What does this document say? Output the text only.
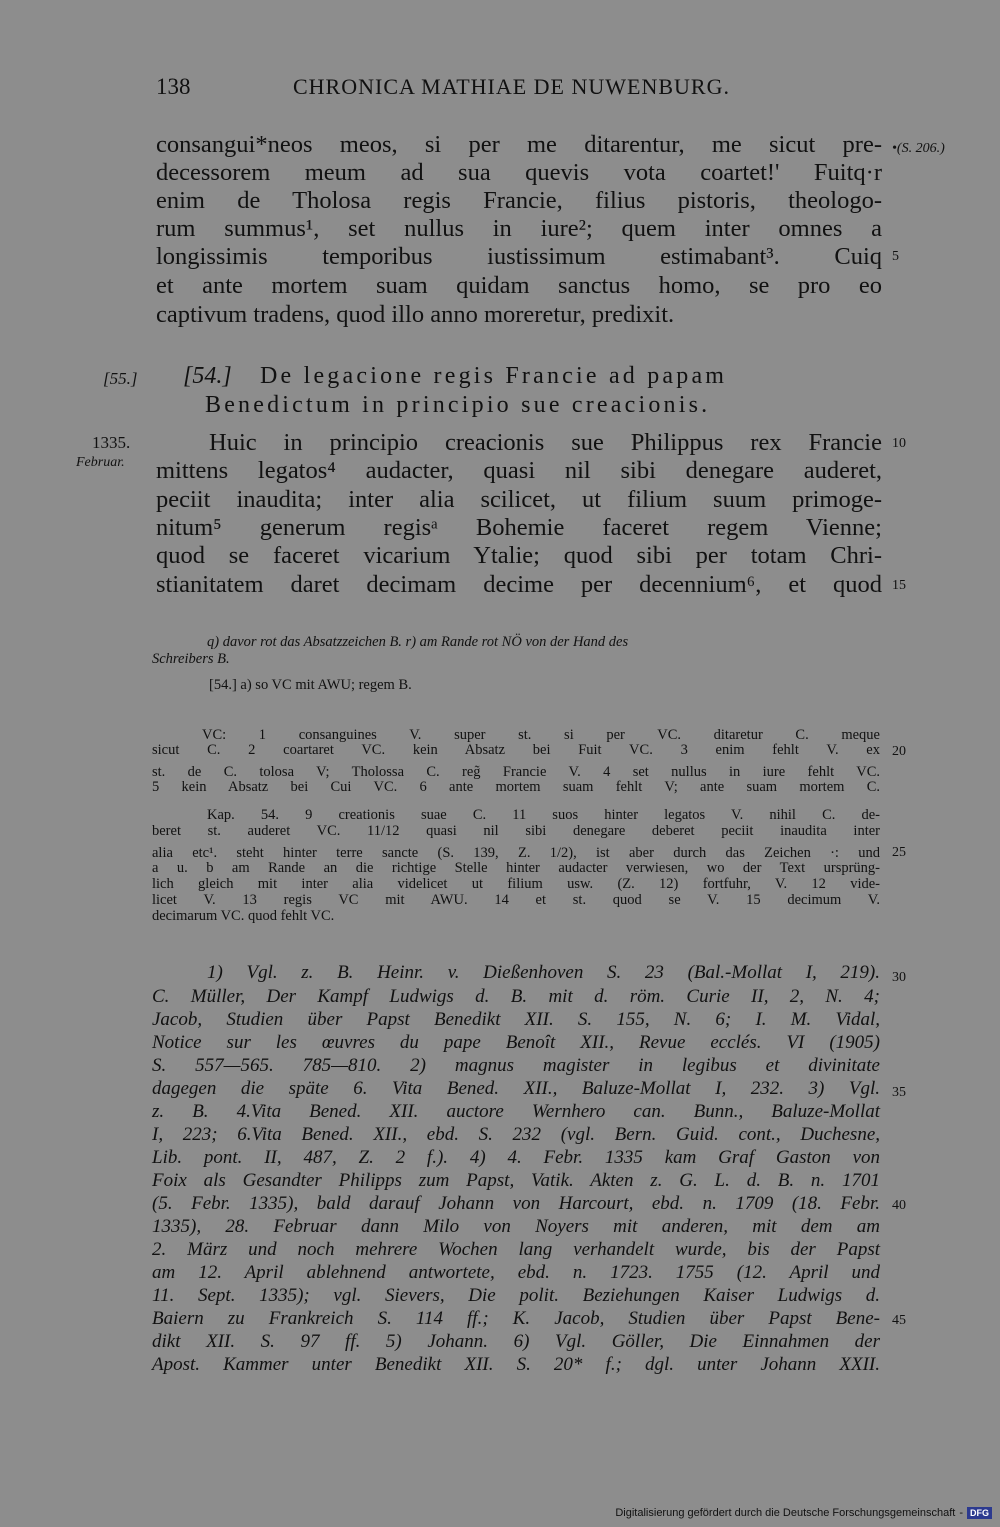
138	CHRONICA MATHIAE DE NUWENBURG.
•(S. 206.)
consangui*neos meos, si per me ditarentur, me sicut pre-
decessorem meum ad sua quevis vota coartet!' Fuitq·r
enim de Tholosa regis Francie, filius pistoris, theologo-
rum summus¹, set nullus in iure²; quem inter omnes a
longissimis temporibus iustissimum estimabant³. Cuiq
et ante mortem suam quidam sanctus homo, se pro eo
captivum tradens, quod illo anno moreretur, predixit.
5
[55.] [54.] De legacione regis Francie ad papam
Benedictum in principio sue creacionis.
1335.
Februar.
Huic in principio creacionis sue Philippus rex Francie
mittens legatos⁴ audacter, quasi nil sibi denegare auderet,
peciit inaudita; inter alia scilicet, ut filium suum primoge-
nitum⁵ generum regisᵃ Bohemie faceret regem Vienne;
quod se faceret vicarium Ytalie; quod sibi per totam Chri-
stianitatem daret decimam decime per decennium⁶, et quod
10
15
q) davor rot das Absatzzeichen B. r) am Rande rot NÖ von der Hand des
Schreibers B.
[54.] a) so VC mit AWU; regem B.
VC: 1 consanguines V. super st. si per VC. ditaretur C. meque
sicut C. 2 coartaret VC. kein Absatz bei Fuit VC. 3 enim fehlt V. ex
st. de C. tolosa V; Tholossa C. reg̃ Francie V. 4 set nullus in iure fehlt VC.
5 kein Absatz bei Cui VC. 6 ante mortem suam fehlt V; ante suam mortem C.
Kap. 54. 9 creationis suae C. 11 suos hinter legatos V. nihil C. de-
beret st. auderet VC. 11/12 quasi nil sibi denegare deberet peciit inaudita inter
alia etc¹. steht hinter terre sancte (S. 139, Z. 1/2), ist aber durch das Zeichen ·: und
a u. b am Rande an die richtige Stelle hinter audacter verwiesen, wo der Text ursprüng-
lich gleich mit inter alia videlicet ut filium usw. (Z. 12) fortfuhr, V. 12 vide-
licet V. 13 regis VC mit AWU. 14 et st. quod se V. 15 decimum V.
decimarum VC. quod fehlt VC.
20
25
1) Vgl. z. B. Heinr. v. Dießenhoven S. 23 (Bal.-Mollat I, 219).
C. Müller, Der Kampf Ludwigs d. B. mit d. röm. Curie II, 2, N. 4;
Jacob, Studien über Papst Benedikt XII. S. 155, N. 6; I. M. Vidal,
Notice sur les œuvres du pape Benoît XII., Revue ecclés. VI (1905)
S. 557—565. 785—810. 2) magnus magister in legibus et divinitate
dagegen die späte 6. Vita Bened. XII., Baluze-Mollat I, 232. 3) Vgl.
z. B. 4.Vita Bened. XII. auctore Wernhero can. Bunn., Baluze-Mollat
I, 223; 6.Vita Bened. XII., ebd. S. 232 (vgl. Bern. Guid. cont., Duchesne,
Lib. pont. II, 487, Z. 2 f.). 4) 4. Febr. 1335 kam Graf Gaston von
Foix als Gesandter Philipps zum Papst, Vatik. Akten z. G. L. d. B. n. 1701
(5. Febr. 1335), bald darauf Johann von Harcourt, ebd. n. 1709 (18. Febr.
1335), 28. Februar dann Milo von Noyers mit anderen, mit dem am
2. März und noch mehrere Wochen lang verhandelt wurde, bis der Papst
am 12. April ablehnend antwortete, ebd. n. 1723. 1755 (12. April und
11. Sept. 1335); vgl. Sievers, Die polit. Beziehungen Kaiser Ludwigs d.
Baiern zu Frankreich S. 114 ff.; K. Jacob, Studien über Papst Bene-
dikt XII. S. 97 ff. 5) Johann. 6) Vgl. Göller, Die Einnahmen der
Apost. Kammer unter Benedikt XII. S. 20* f.; dgl. unter Johann XXII.
30
35
40
45
Digitalisierung gefördert durch die Deutsche Forschungsgemeinschaft - DFG
